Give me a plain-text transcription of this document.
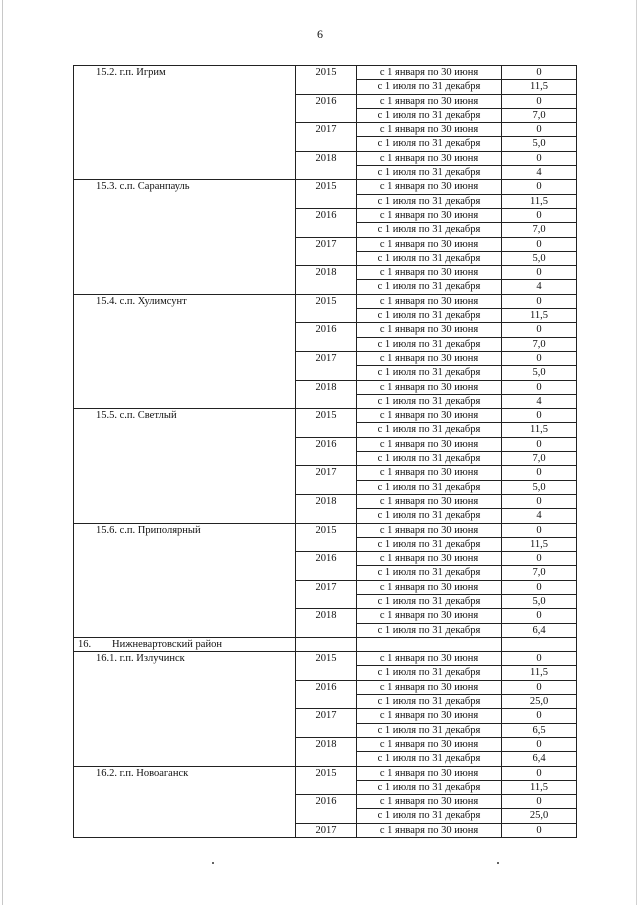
6
15.2. г.п. Игрим	2015	с 1 января по 30 июня	0
		с 1 июля по 31 декабря	11,5
	2016	с 1 января по 30 июня	0
		с 1 июля по 31 декабря	7,0
	2017	с 1 января по 30 июня	0
		с 1 июля по 31 декабря	5,0
	2018	с 1 января по 30 июня	0
		с 1 июля по 31 декабря	4
15.3. с.п. Саранпауль	2015	с 1 января по 30 июня	0
		с 1 июля по 31 декабря	11,5
	2016	с 1 января по 30 июня	0
		с 1 июля по 31 декабря	7,0
	2017	с 1 января по 30 июня	0
		с 1 июля по 31 декабря	5,0
	2018	с 1 января по 30 июня	0
		с 1 июля по 31 декабря	4
15.4. с.п. Хулимсунт	2015	с 1 января по 30 июня	0
		с 1 июля по 31 декабря	11,5
	2016	с 1 января по 30 июня	0
		с 1 июля по 31 декабря	7,0
	2017	с 1 января по 30 июня	0
		с 1 июля по 31 декабря	5,0
	2018	с 1 января по 30 июня	0
		с 1 июля по 31 декабря	4
15.5. с.п. Светлый	2015	с 1 января по 30 июня	0
		с 1 июля по 31 декабря	11,5
	2016	с 1 января по 30 июня	0
		с 1 июля по 31 декабря	7,0
	2017	с 1 января по 30 июня	0
		с 1 июля по 31 декабря	5,0
	2018	с 1 января по 30 июня	0
		с 1 июля по 31 декабря	4
15.6. с.п. Приполярный	2015	с 1 января по 30 июня	0
		с 1 июля по 31 декабря	11,5
	2016	с 1 января по 30 июня	0
		с 1 июля по 31 декабря	7,0
	2017	с 1 января по 30 июня	0
		с 1 июля по 31 декабря	5,0
	2018	с 1 января по 30 июня	0
		с 1 июля по 31 декабря	6,4
16. Нижневартовский район			
16.1. г.п. Излучинск	2015	с 1 января по 30 июня	0
		с 1 июля по 31 декабря	11,5
	2016	с 1 января по 30 июня	0
		с 1 июля по 31 декабря	25,0
	2017	с 1 января по 30 июня	0
		с 1 июля по 31 декабря	6,5
	2018	с 1 января по 30 июня	0
		с 1 июля по 31 декабря	6,4
16.2. г.п. Новоаганск	2015	с 1 января по 30 июня	0
		с 1 июля по 31 декабря	11,5
	2016	с 1 января по 30 июня	0
		с 1 июля по 31 декабря	25,0
	2017	с 1 января по 30 июня	0
